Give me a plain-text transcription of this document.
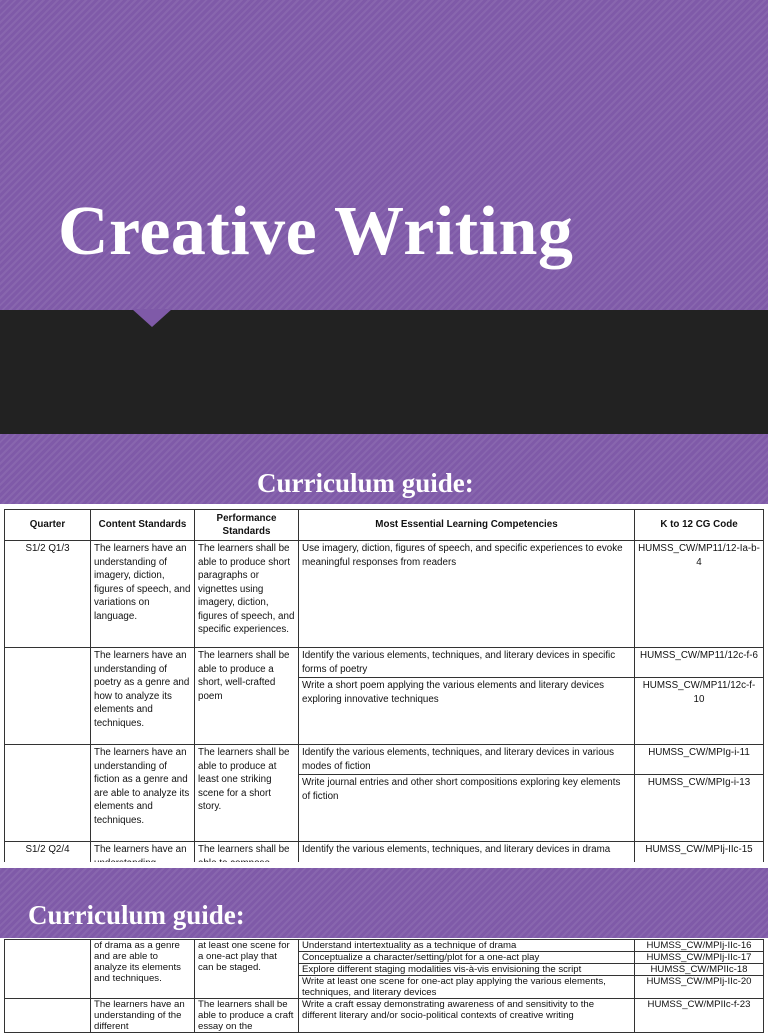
Creative Writing
Curriculum guide:
Quarter	Content Standards	Performance Standards	Most Essential Learning Competencies	K to 12 CG Code
S1/2 Q1/3	The learners have an understanding of imagery, diction, figures of speech, and variations on language.	The learners shall be able to produce short paragraphs or vignettes using imagery, diction, figures of speech, and specific experiences.	Use imagery, diction, figures of speech, and specific experiences to evoke meaningful responses from readers	HUMSS_CW/MP11/12-Ia-b-4
	The learners have an understanding of poetry as a genre and how to analyze its elements and techniques.	The learners shall be able to produce a short, well-crafted poem	Identify the various elements, techniques, and literary devices in specific forms of poetry	HUMSS_CW/MP11/12c-f-6
			Write a short poem applying the various elements and literary devices exploring innovative techniques	HUMSS_CW/MP11/12c-f-10
	The learners have an understanding of fiction as a genre and are able to analyze its elements and techniques.	The learners shall be able to produce at least one striking scene for a short story.	Identify the various elements, techniques, and literary devices in various modes of fiction	HUMSS_CW/MPIg-i-11
			Write journal entries and other short compositions exploring key elements of fiction	HUMSS_CW/MPIg-i-13
S1/2 Q2/4	The learners have an	The learners shall be	Identify the various elements, techniques, and literary devices in drama	HUMSS_CW/MPIj-IIc-15
Curriculum guide:
	of drama as a genre and are able to analyze its elements and techniques.	at least one scene for a one-act play that can be staged.	Understand intertextuality as a technique of drama	HUMSS_CW/MPIj-IIc-16
			Conceptualize a character/setting/plot for a one-act play	HUMSS_CW/MPIj-IIc-17
			Explore different staging modalities vis-à-vis envisioning the script	HUMSS_CW/MPIIc-18
			Write at least one scene for one-act play applying the various elements, techniques, and literary devices	HUMSS_CW/MPIj-IIc-20
	The learners have an understanding of the different	The learners shall be able to produce a craft essay on the	Write a craft essay demonstrating awareness of and sensitivity to the different literary and/or socio-political contexts of creative writing	HUMSS_CW/MPIIc-f-23
